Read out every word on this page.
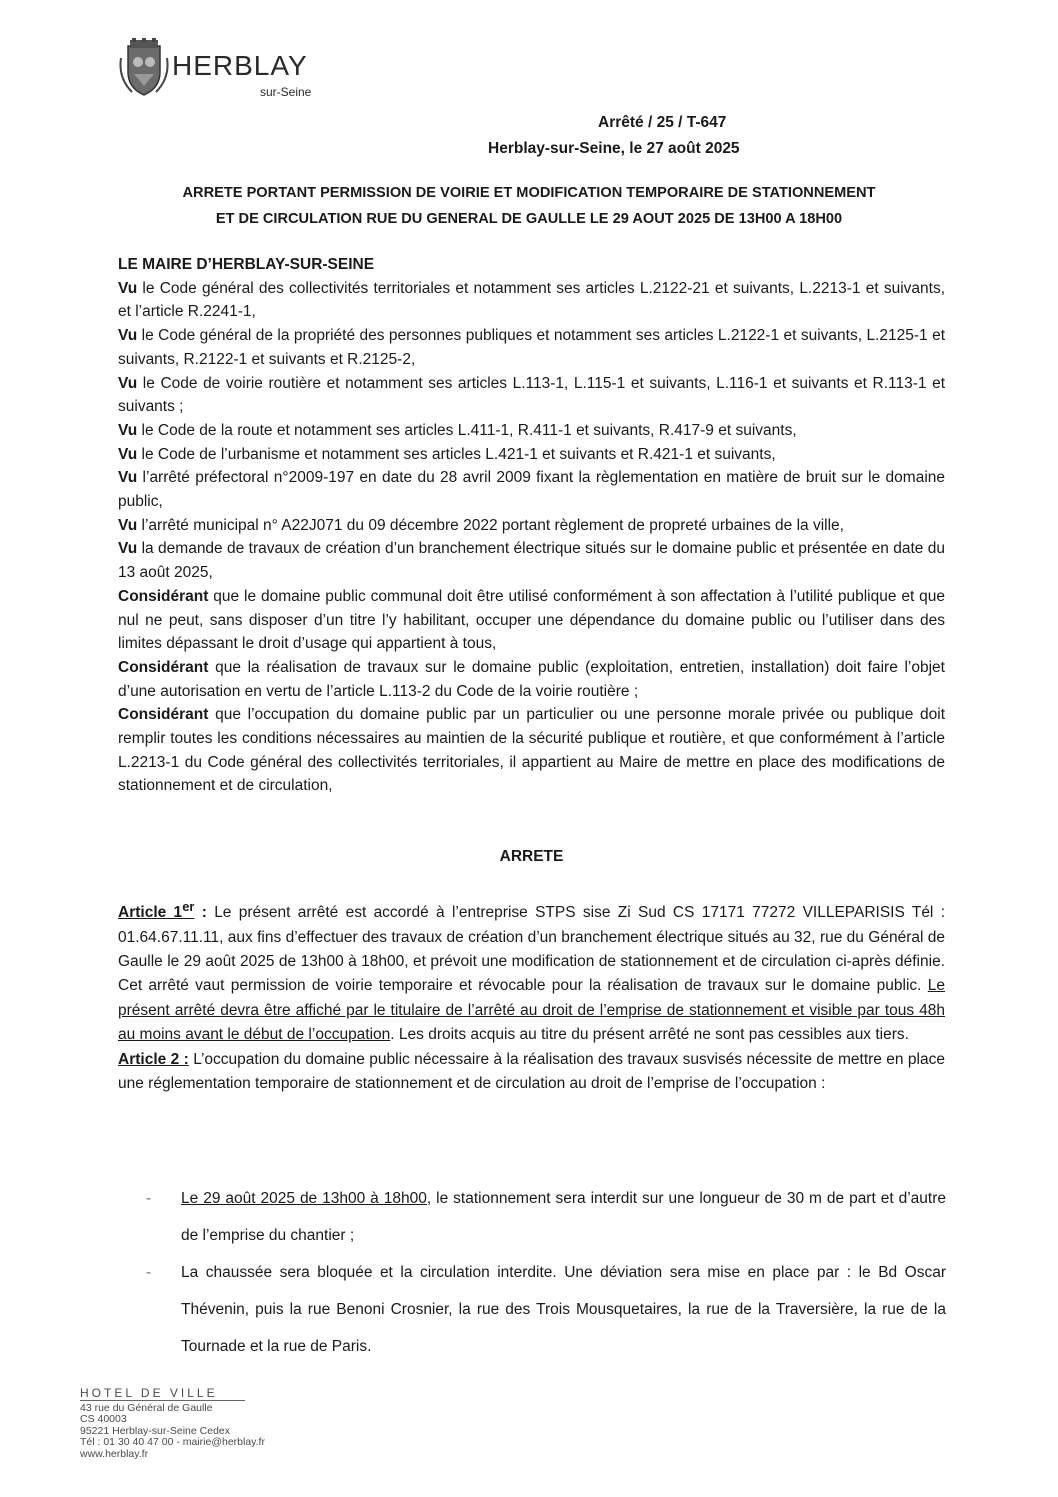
HERBLAY
sur-Seine
Arrêté / 25 / T-647
Herblay-sur-Seine, le 27 août 2025
ARRETE PORTANT PERMISSION DE VOIRIE ET MODIFICATION TEMPORAIRE DE STATIONNEMENT
ET DE CIRCULATION RUE DU GENERAL DE GAULLE LE 29 AOUT 2025 DE 13H00 A 18H00

LE MAIRE D’HERBLAY-SUR-SEINE

Vu le Code général des collectivités territoriales et notamment ses articles L.2122-21 et suivants, L.2213-1 et suivants, et l’article R.2241-1,

Vu le Code général de la propriété des personnes publiques et notamment ses articles L.2122-1 et suivants, L.2125-1 et suivants, R.2122-1 et suivants et R.2125-2,

Vu le Code de voirie routière et notamment ses articles L.113-1, L.115-1 et suivants, L.116-1 et suivants et R.113-1 et suivants ;

Vu le Code de la route et notamment ses articles L.411-1, R.411-1 et suivants, R.417-9 et suivants,

Vu le Code de l’urbanisme et notamment ses articles L.421-1 et suivants et R.421-1 et suivants,

Vu l’arrêté préfectoral n°2009-197 en date du 28 avril 2009 fixant la règlementation en matière de bruit sur le domaine public,

Vu l’arrêté municipal n° A22J071 du 09 décembre 2022 portant règlement de propreté urbaines de la ville,

Vu la demande de travaux de création d’un branchement électrique situés sur le domaine public et présentée en date du 13 août 2025,

Considérant que le domaine public communal doit être utilisé conformément à son affectation à l’utilité publique et que nul ne peut, sans disposer d’un titre l’y habilitant, occuper une dépendance du domaine public ou l’utiliser dans des limites dépassant le droit d’usage qui appartient à tous,

Considérant que la réalisation de travaux sur le domaine public (exploitation, entretien, installation) doit faire l’objet d’une autorisation en vertu de l’article L.113-2 du Code de la voirie routière ;

Considérant que l’occupation du domaine public par un particulier ou une personne morale privée ou publique doit remplir toutes les conditions nécessaires au maintien de la sécurité publique et routière, et que conformément à l’article L.2213-1 du Code général des collectivités territoriales, il appartient au Maire de mettre en place des modifications de stationnement et de circulation,

ARRETE

Article 1er : Le présent arrêté est accordé à l’entreprise STPS sise Zi Sud CS 17171 77272 VILLEPARISIS Tél : 01.64.67.11.11, aux fins d’effectuer des travaux de création d’un branchement électrique situés au 32, rue du Général de Gaulle le 29 août 2025 de 13h00 à 18h00, et prévoit une modification de stationnement et de circulation ci-après définie. Cet arrêté vaut permission de voirie temporaire et révocable pour la réalisation de travaux sur le domaine public. Le présent arrêté devra être affiché par le titulaire de l’arrêté au droit de l’emprise de stationnement et visible par tous 48h au moins avant le début de l’occupation. Les droits acquis au titre du présent arrêté ne sont pas cessibles aux tiers.

Article 2 : L’occupation du domaine public nécessaire à la réalisation des travaux susvisés nécessite de mettre en place une réglementation temporaire de stationnement et de circulation au droit de l’emprise de l’occupation :

- Le 29 août 2025 de 13h00 à 18h00, le stationnement sera interdit sur une longueur de 30 m de part et d’autre de l’emprise du chantier ;
- La chaussée sera bloquée et la circulation interdite. Une déviation sera mise en place par : le Bd Oscar Thévenin, puis la rue Benoni Crosnier, la rue des Trois Mousquetaires, la rue de la Traversière, la rue de la Tournade et la rue de Paris.
HOTEL DE VILLE
43 rue du Général de Gaulle
CS 40003
95221 Herblay-sur-Seine Cedex
Tél : 01 30 40 47 00 - mairie@herblay.fr
www.herblay.fr
